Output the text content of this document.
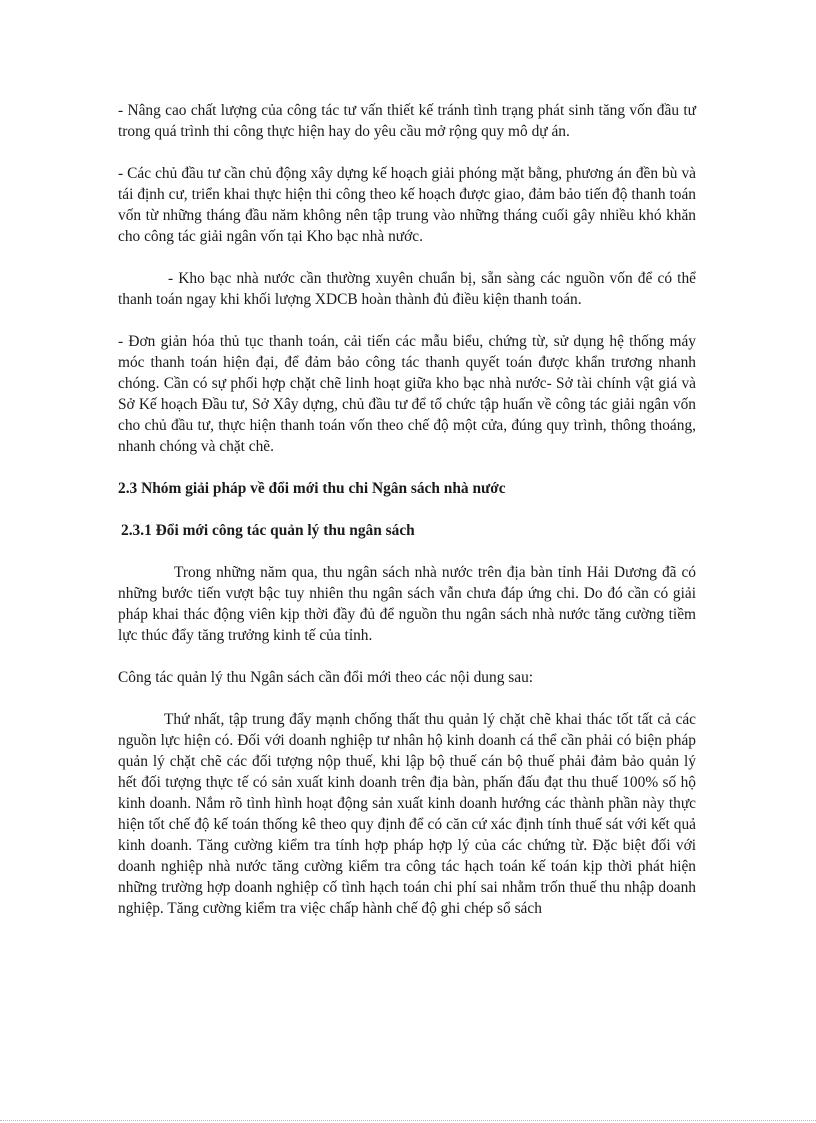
- Nâng cao chất lượng của công tác tư vấn thiết kế tránh tình trạng phát sinh tăng vốn đầu tư trong quá trình thi công thực hiện hay do yêu cầu mở rộng quy mô dự án.

- Các chủ đầu tư cần chủ động xây dựng kế hoạch giải phóng mặt bằng, phương án đền bù và tái định cư, triển khai thực hiện thi công theo kế hoạch được giao, đảm bảo tiến độ thanh toán vốn từ những tháng đầu năm không nên tập trung vào những tháng cuối gây nhiều khó khăn cho công tác giải ngân vốn tại Kho bạc nhà nước.

- Kho bạc nhà nước cần thường xuyên chuẩn bị, sẵn sàng các nguồn vốn để có thể thanh toán ngay khi khối lượng XDCB hoàn thành đủ điều kiện thanh toán.

- Đơn giản hóa thủ tục thanh toán, cải tiến các mẫu biểu, chứng từ, sử dụng hệ thống máy móc thanh toán hiện đại, để đảm bảo công tác thanh quyết toán được khẩn trương nhanh chóng. Cần có sự phối hợp chặt chẽ linh hoạt giữa kho bạc nhà nước- Sở tài chính vật giá và Sở Kế hoạch Đầu tư, Sở Xây dựng, chủ đầu tư để tổ chức tập huấn về công tác giải ngân vốn cho chủ đầu tư, thực hiện thanh toán vốn theo chế độ một cửa, đúng quy trình, thông thoáng, nhanh chóng và chặt chẽ.

2.3 Nhóm giải pháp về đổi mới thu chi Ngân sách nhà nước
2.3.1 Đổi mới công tác quản lý thu ngân sách

Trong những năm qua, thu ngân sách nhà nước trên địa bàn tỉnh Hải Dương đã có những bước tiến vượt bậc tuy nhiên thu ngân sách vẫn chưa đáp ứng chi. Do đó cần có giải pháp khai thác động viên kịp thời đầy đủ để nguồn thu ngân sách nhà nước tăng cường tiềm lực thúc đẩy tăng trưởng kinh tế của tỉnh.

Công tác quản lý thu Ngân sách cần đổi mới theo các nội dung sau:

Thứ nhất, tập trung đẩy mạnh chống thất thu quản lý chặt chẽ khai thác tốt tất cả các nguồn lực hiện có. Đối với doanh nghiệp tư nhân hộ kinh doanh cá thể cần phải có biện pháp quản lý chặt chẽ các đối tượng nộp thuế, khi lập bộ thuế cán bộ thuế phải đảm bảo quản lý hết đối tượng thực tế có sản xuất kinh doanh trên địa bàn, phấn đấu đạt thu thuế 100% số hộ kinh doanh. Nắm rõ tình hình hoạt động sản xuất kinh doanh hướng các thành phần này thực hiện tốt chế độ kế toán thống kê theo quy định để có căn cứ xác định tính thuế sát với kết quả kinh doanh. Tăng cường kiểm tra tính hợp pháp hợp lý của các chứng từ. Đặc biệt đối với doanh nghiệp nhà nước tăng cường kiểm tra công tác hạch toán kế toán kịp thời phát hiện những trường hợp doanh nghiệp cố tình hạch toán chi phí sai nhằm trốn thuế thu nhập doanh nghiệp. Tăng cường kiểm tra việc chấp hành chế độ ghi chép sổ sách
